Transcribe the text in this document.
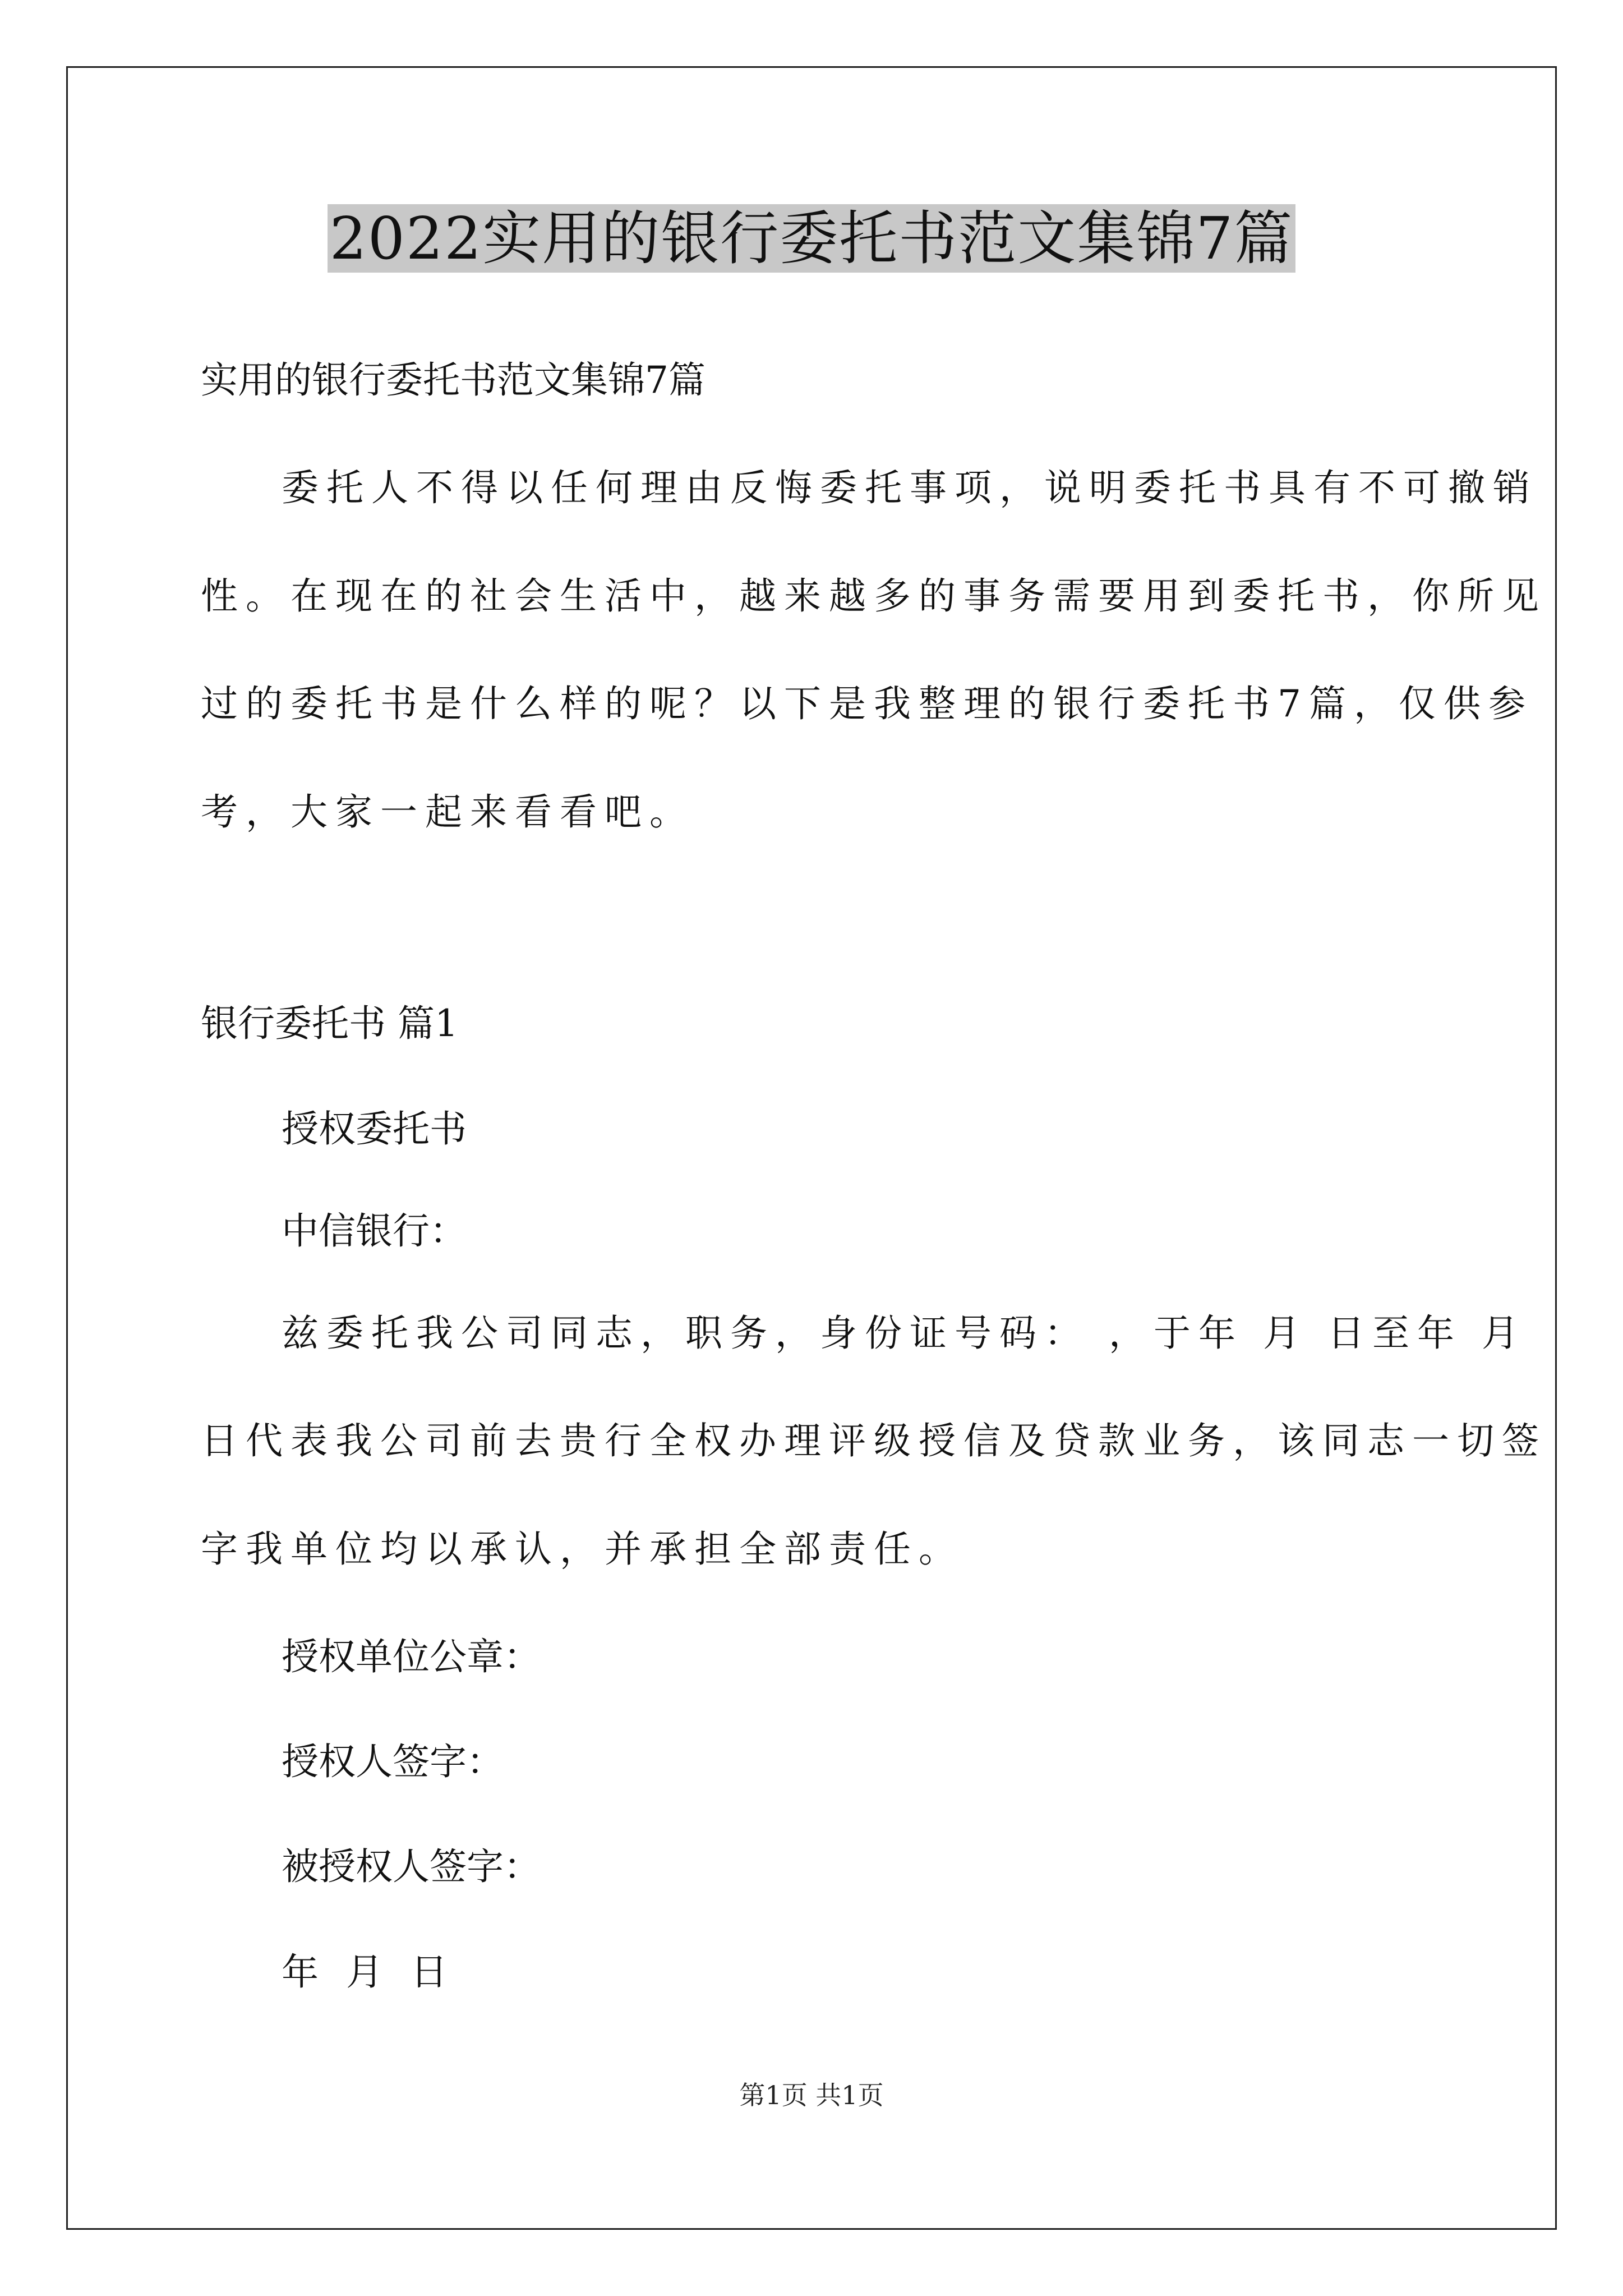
2022实用的银行委托书范文集锦7篇
实用的银行委托书范文集锦7篇
委托人不得以任何理由反悔委托事项，说明委托书具有不可撤销
性。在现在的社会生活中，越来越多的事务需要用到委托书，你所见
过的委托书是什么样的呢？以下是我整理的银行委托书7篇，仅供参
考，大家一起来看看吧。
银行委托书 篇1
授权委托书
中信银行：
兹委托我公司同志，职务，身份证号码： ，于年 月 日至年 月
日代表我公司前去贵行全权办理评级授信及贷款业务，该同志一切签
字我单位均以承认，并承担全部责任。
授权单位公章：
授权人签字：
被授权人签字：
年 月 日
第1页 共1页
